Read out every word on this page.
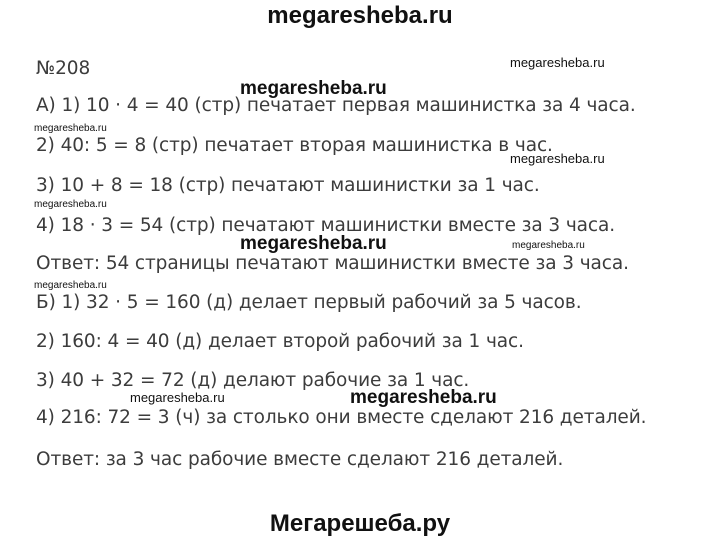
megaresheba.ru
№208
А) 1) 10 · 4 = 40 (стр) печатает первая машинистка за 4 часа.
2) 40: 5 = 8 (стр) печатает вторая машинистка в час.
3) 10 + 8 = 18 (стр) печатают машинистки за 1 час.
4) 18 · 3 = 54 (стр) печатают машинистки вместе за 3 часа.
Ответ: 54 страницы печатают машинистки вместе за 3 часа.
Б) 1) 32 · 5 = 160 (д) делает первый рабочий за 5 часов.
2) 160: 4 = 40 (д) делает второй рабочий за 1 час.
3) 40 + 32 = 72 (д) делают рабочие за 1 час.
4) 216: 72 = 3 (ч) за столько они вместе сделают 216 деталей.
Ответ: за 3 час рабочие вместе сделают 216 деталей.
megaresheba.ru
megaresheba.ru
megaresheba.ru
megaresheba.ru
megaresheba.ru
megaresheba.ru	megaresheba.ru
megaresheba.ru
megaresheba.ru	megaresheba.ru
Мегарешеба.ру
